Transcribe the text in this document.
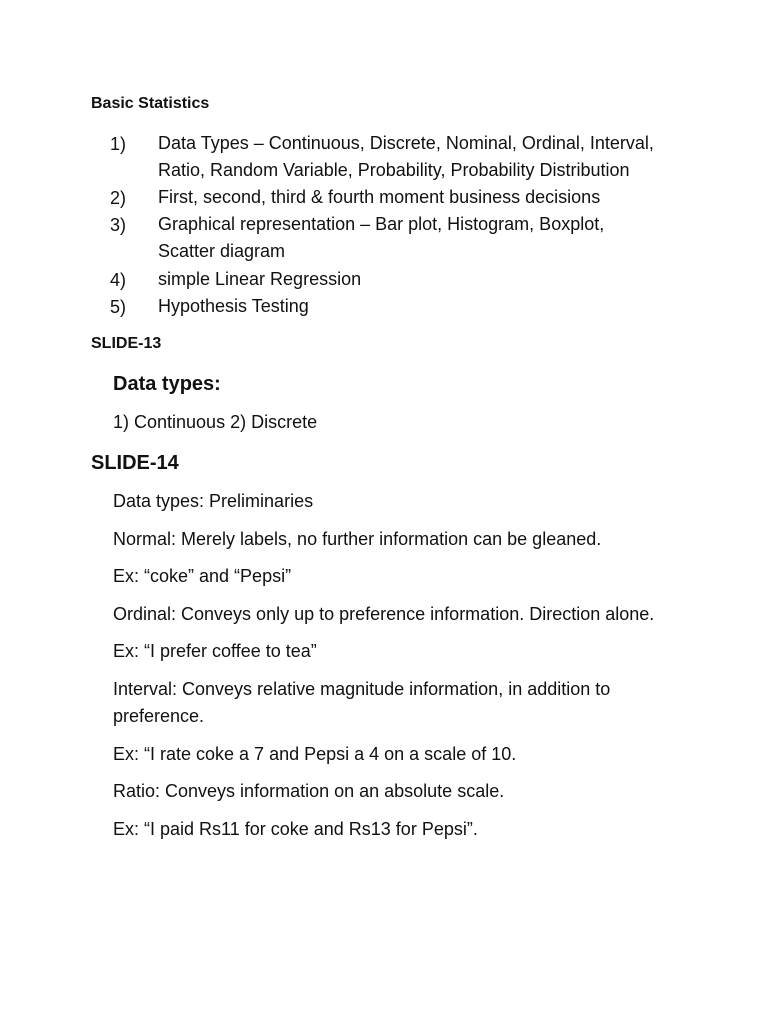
Basic Statistics
1) Data Types – Continuous, Discrete, Nominal, Ordinal, Interval,
Ratio, Random Variable, Probability, Probability Distribution
2) First, second, third & fourth moment business decisions
3) Graphical representation – Bar plot, Histogram, Boxplot,
Scatter diagram
4) simple Linear Regression
5) Hypothesis Testing
SLIDE-13
Data types:
1) Continuous 2) Discrete
SLIDE-14
Data types: Preliminaries
Normal: Merely labels, no further information can be gleaned.
Ex: “coke” and “Pepsi”
Ordinal: Conveys only up to preference information. Direction alone.
Ex: “I prefer coffee to tea”
Interval: Conveys relative magnitude information, in addition to
preference.
Ex: “I rate coke a 7 and Pepsi a 4 on a scale of 10.
Ratio: Conveys information on an absolute scale.
Ex: “I paid Rs11 for coke and Rs13 for Pepsi”.
